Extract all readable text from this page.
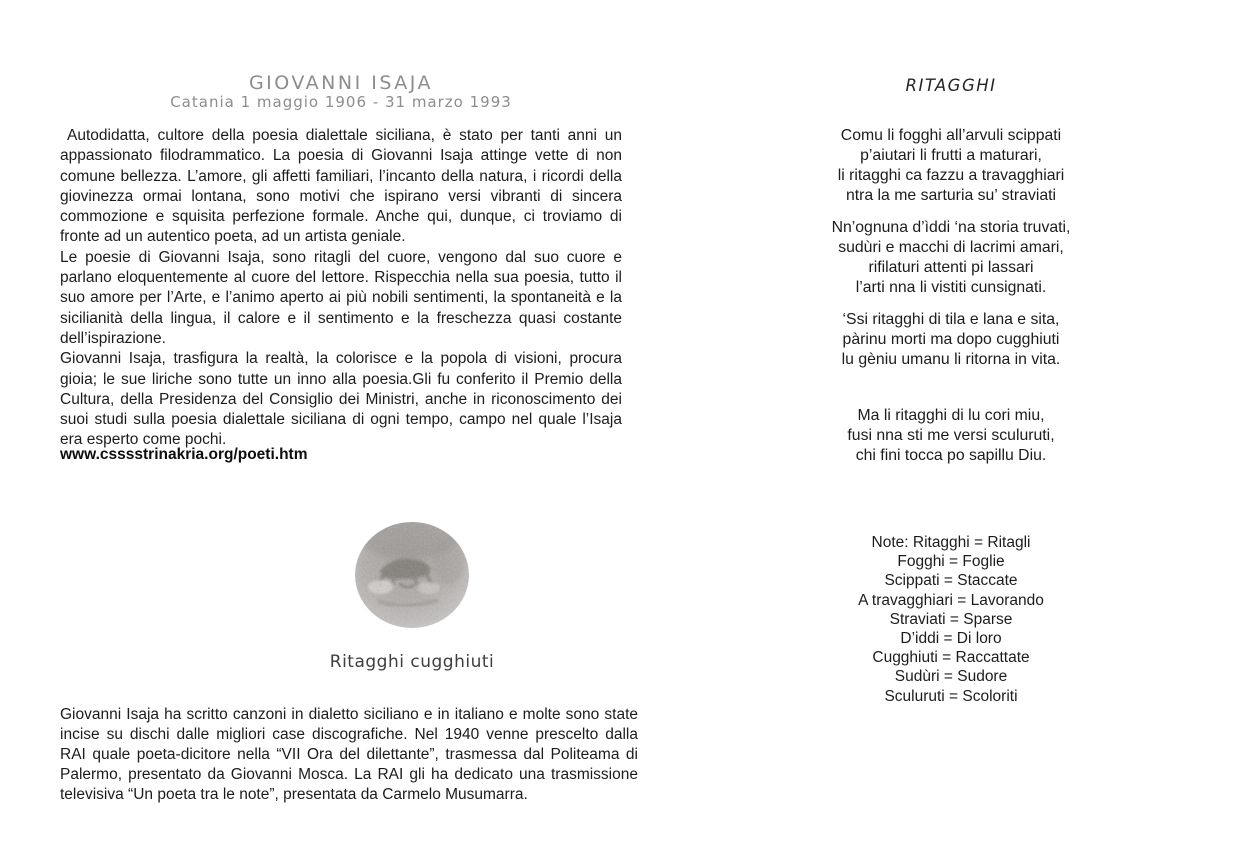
GIOVANNI ISAJA
Catania 1 maggio 1906 - 31 marzo 1993

Autodidatta, cultore della poesia dialettale siciliana, è stato per tanti anni un appassionato filodrammatico. La poesia di Giovanni Isaja attinge vette di non comune bellezza. L’amore, gli affetti familiari, l’incanto della natura, i ricordi della giovinezza ormai lontana, sono motivi che ispirano versi vibranti di sincera commozione e squisita perfezione formale. Anche qui, dunque, ci troviamo di fronte ad un autentico poeta, ad un artista geniale.

Le poesie di Giovanni Isaja, sono ritagli del cuore, vengono dal suo cuore e parlano eloquentemente al cuore del lettore. Rispecchia nella sua poesia, tutto il suo amore per l’Arte, e l’animo aperto ai più nobili sentimenti, la spontaneità e la sicilianità della lingua, il calore e il sentimento e la freschezza quasi costante dell’ispirazione.

Giovanni Isaja, trasfigura la realtà, la colorisce e la popola di visioni, procura gioia; le sue liriche sono tutte un inno alla poesia.Gli fu conferito il Premio della Cultura, della Presidenza del Consiglio dei Ministri, anche in riconoscimento dei suoi studi sulla poesia dialettale siciliana di ogni tempo, campo nel quale l’Isaja era esperto come pochi.

www.csssstrinakria.org/poeti.htm
Ritagghi cugghiuti

Giovanni Isaja ha scritto canzoni in dialetto siciliano e in italiano e molte sono state incise su dischi dalle migliori case discografiche. Nel 1940 venne prescelto dalla RAI quale poeta-dicitore nella “VII Ora del dilettante”, trasmessa dal Politeama di Palermo, presentato da Giovanni Mosca. La RAI gli ha dedicato una trasmissione televisiva “Un poeta tra le note”, presentata da Carmelo Musumarra.

RITAGGHI
Comu li fogghi all’arvuli scippati
p’aiutari li frutti a maturari,
li ritagghi ca fazzu a travagghiari
ntra la me sarturia su’ straviati
Nn’ognuna d’ìddi ‘na storia truvati,
sudùri e macchi di lacrimi amari,
rifilaturi attenti pi lassari
l’arti nna li vistiti cunsignati.
‘Ssi ritagghi di tila e lana e sita,
pàrinu morti ma dopo cugghiuti
lu gèniu umanu li ritorna in vita.
Ma li ritagghi di lu cori miu,
fusi nna sti me versi sculuruti,
chi fini tocca po sapillu Diu.
Note: Ritagghi = Ritagli
Fogghi = Foglie
Scippati = Staccate
A travagghiari = Lavorando
Straviati = Sparse
D’iddi = Di loro
Cugghiuti = Raccattate
Sudùri = Sudore
Sculuruti = Scoloriti
